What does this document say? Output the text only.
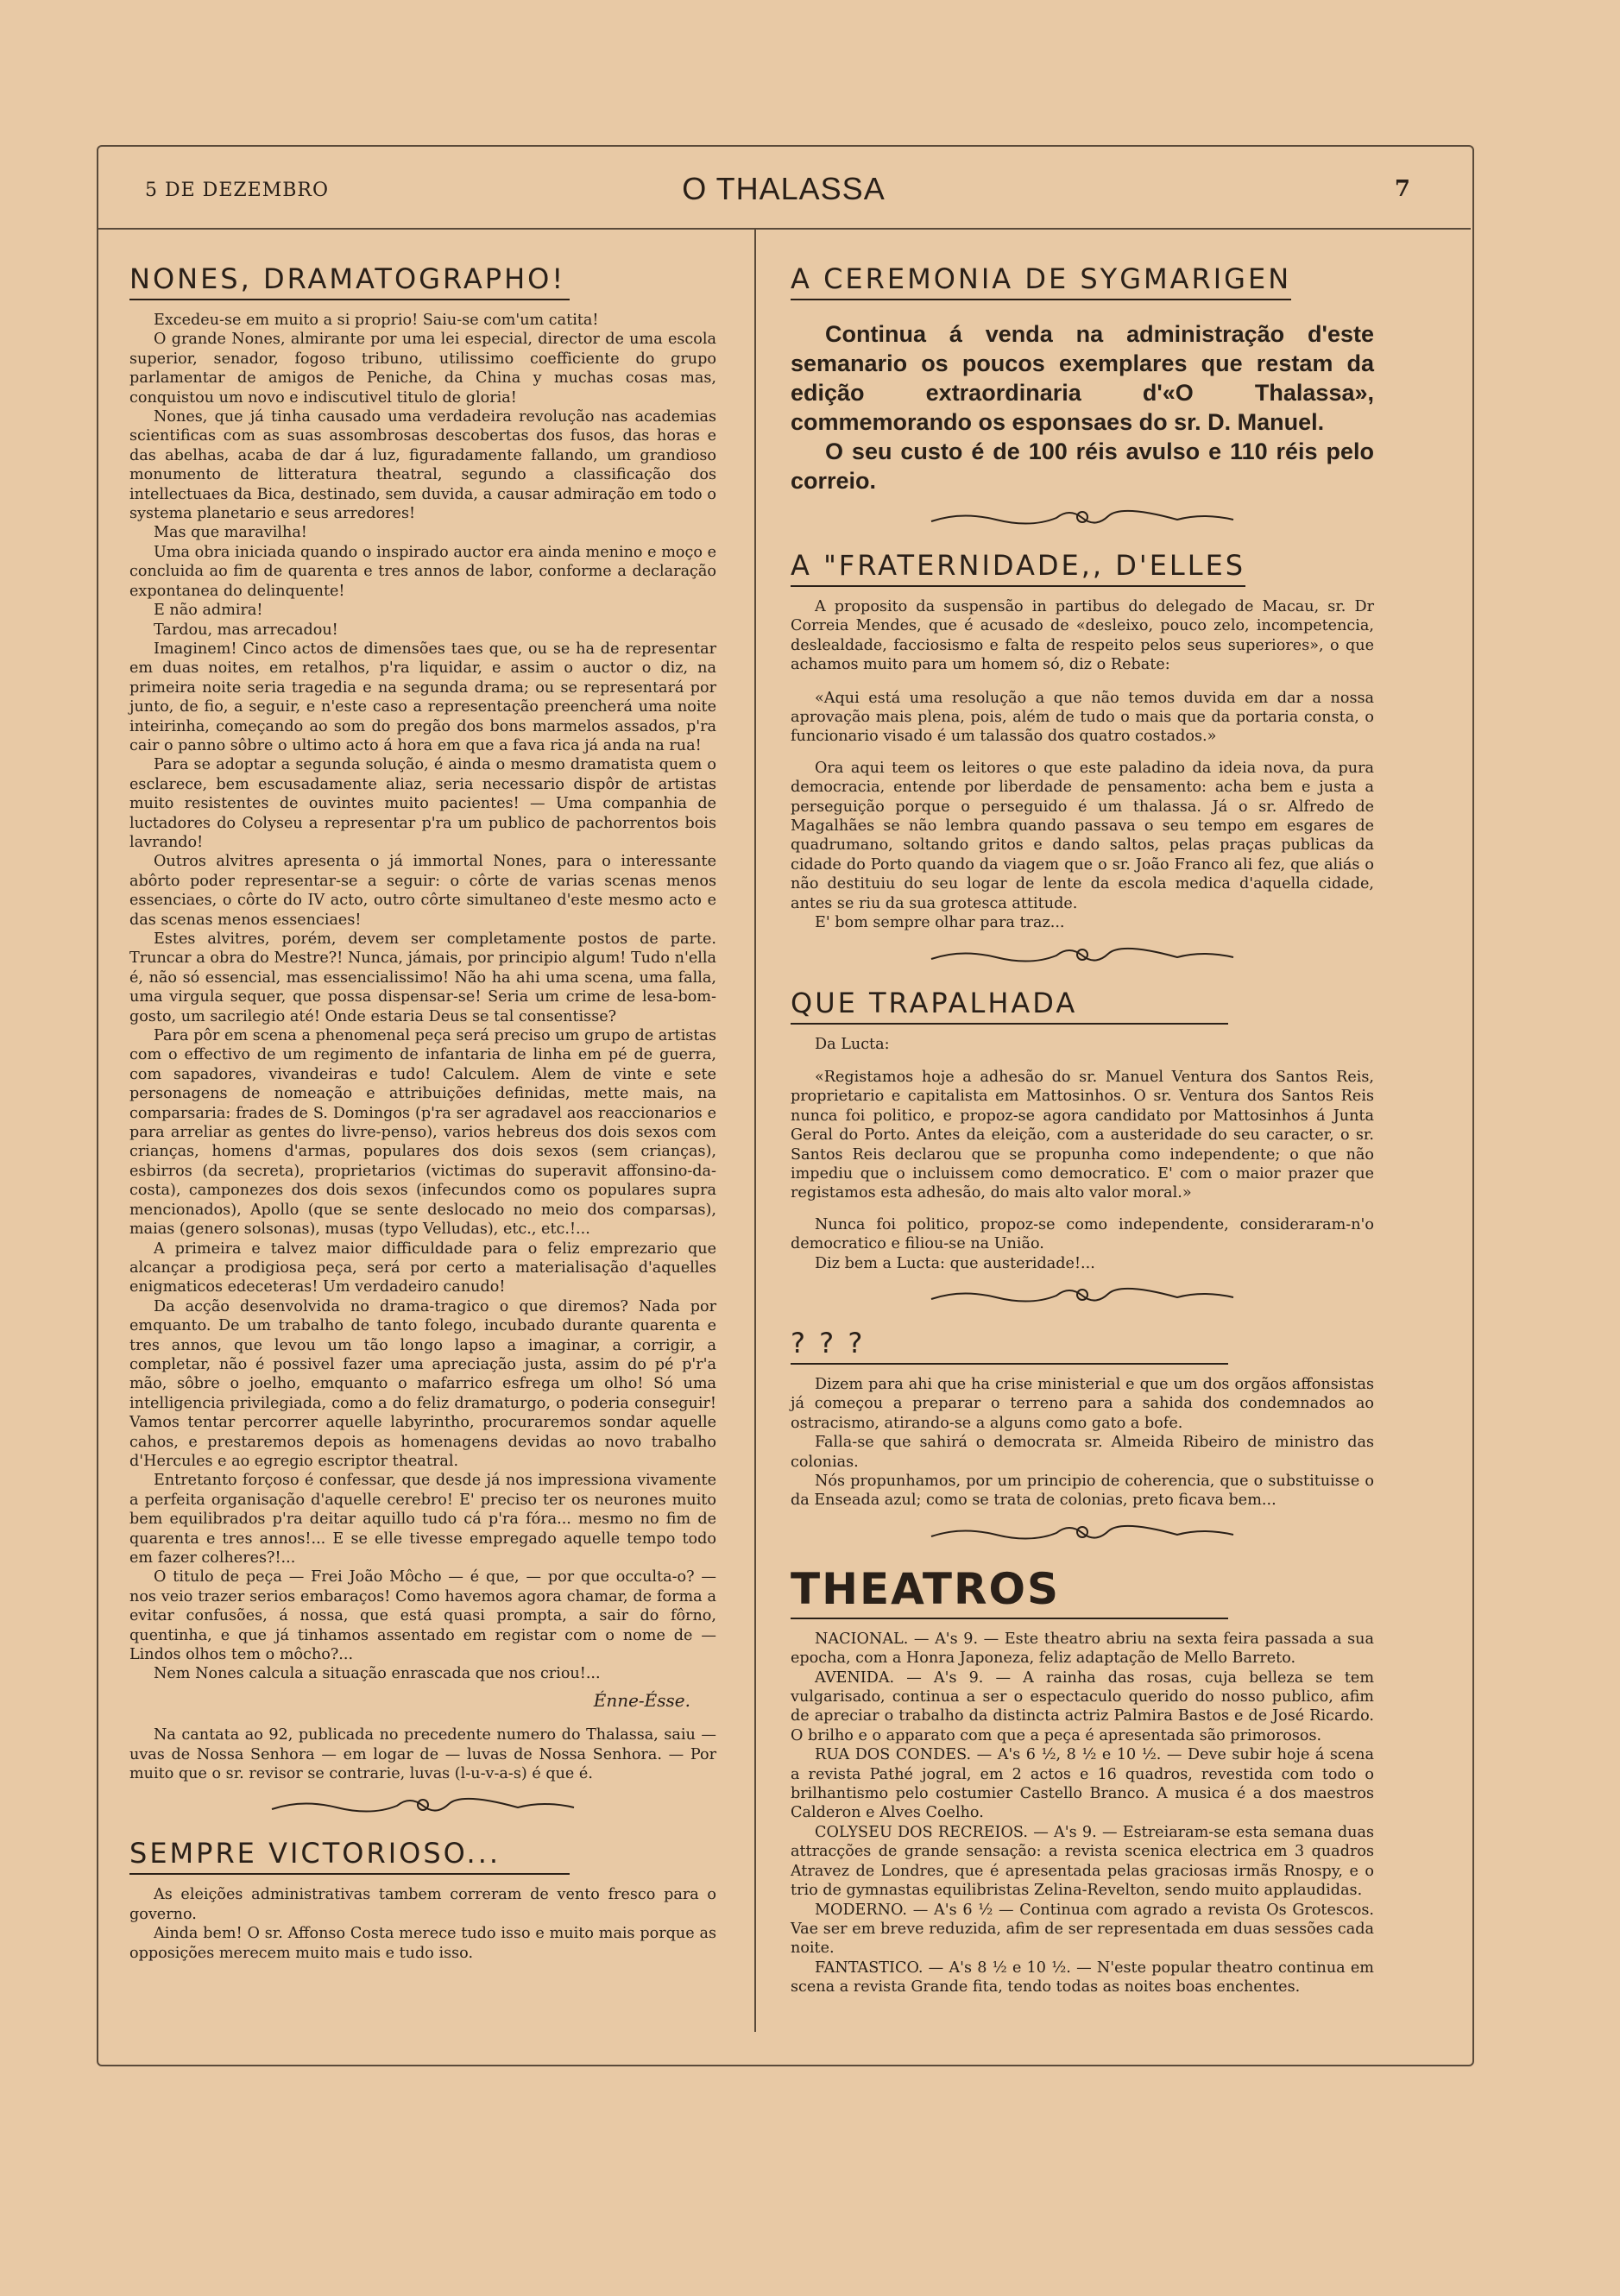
5 DE DEZEMBRO	O THALASSA	7
NONES, DRAMATOGRAPHO!

Excedeu-se em muito a si proprio! Saiu-se com'um catita!

O grande Nones, almirante por uma lei especial, director de uma escola superior, senador, fogoso tribuno, utilissimo coefficiente do grupo parlamentar de amigos de Peniche, da China y muchas cosas mas, conquistou um novo e indiscutivel titulo de gloria!

Nones, que já tinha causado uma verdadeira revolução nas academias scientificas com as suas assombrosas descobertas dos fusos, das horas e das abelhas, acaba de dar á luz, figuradamente fallando, um grandioso monumento de litteratura theatral, segundo a classificação dos intellectuaes da Bica, destinado, sem duvida, a causar admiração em todo o systema planetario e seus arredores!

Mas que maravilha!

Uma obra iniciada quando o inspirado auctor era ainda menino e moço e concluida ao fim de quarenta e tres annos de labor, conforme a declaração expontanea do delinquente!

E não admira!

Tardou, mas arrecadou!

Imaginem! Cinco actos de dimensões taes que, ou se ha de representar em duas noites, em retalhos, p'ra liquidar, e assim o auctor o diz, na primeira noite seria tragedia e na segunda drama; ou se representará por junto, de fio, a seguir, e n'este caso a representação preencherá uma noite inteirinha, começando ao som do pregão dos bons marmelos assados, p'ra cair o panno sôbre o ultimo acto á hora em que a fava rica já anda na rua!

Para se adoptar a segunda solução, é ainda o mesmo dramatista quem o esclarece, bem escusadamente aliaz, seria necessario dispôr de artistas muito resistentes de ouvintes muito pacientes! — Uma companhia de luctadores do Colyseu a representar p'ra um publico de pachorrentos bois lavrando!

Outros alvitres apresenta o já immortal Nones, para o interessante abôrto poder representar-se a seguir: o côrte de varias scenas menos essenciaes, o côrte do IV acto, outro côrte simultaneo d'este mesmo acto e das scenas menos essenciaes!

Estes alvitres, porém, devem ser completamente postos de parte. Truncar a obra do Mestre?! Nunca, jámais, por principio algum! Tudo n'ella é, não só essencial, mas essencialissimo! Não ha ahi uma scena, uma falla, uma virgula sequer, que possa dispensar-se! Seria um crime de lesa-bom-gosto, um sacrilegio até! Onde estaria Deus se tal consentisse?

Para pôr em scena a phenomenal peça será preciso um grupo de artistas com o effectivo de um regimento de infantaria de linha em pé de guerra, com sapadores, vivandeiras e tudo! Calculem. Alem de vinte e sete personagens de nomeação e attribuições definidas, mette mais, na comparsaria: frades de S. Domingos (p'ra ser agradavel aos reaccionarios e para arreliar as gentes do livre-penso), varios hebreus dos dois sexos com crianças, homens d'armas, populares dos dois sexos (sem crianças), esbirros (da secreta), proprietarios (victimas do superavit affonsino-da-costa), camponezes dos dois sexos (infecundos como os populares supra mencionados), Apollo (que se sente deslocado no meio dos comparsas), maias (genero solsonas), musas (typo Velludas), etc., etc.!...

A primeira e talvez maior difficuldade para o feliz emprezario que alcançar a prodigiosa peça, será por certo a materialisação d'aquelles enigmaticos edeceteras! Um verdadeiro canudo!

Da acção desenvolvida no drama-tragico o que diremos? Nada por emquanto. De um trabalho de tanto folego, incubado durante quarenta e tres annos, que levou um tão longo lapso a imaginar, a corrigir, a completar, não é possivel fazer uma apreciação justa, assim do pé p'r'a mão, sôbre o joelho, emquanto o mafarrico esfrega um olho! Só uma intelligencia privilegiada, como a do feliz dramaturgo, o poderia conseguir! Vamos tentar percorrer aquelle labyrintho, procuraremos sondar aquelle cahos, e prestaremos depois as homenagens devidas ao novo trabalho d'Hercules e ao egregio escriptor theatral.

Entretanto forçoso é confessar, que desde já nos impressiona vivamente a perfeita organisação d'aquelle cerebro! E' preciso ter os neurones muito bem equilibrados p'ra deitar aquillo tudo cá p'ra fóra... mesmo no fim de quarenta e tres annos!... E se elle tivesse empregado aquelle tempo todo em fazer colheres?!...

O titulo de peça — Frei João Môcho — é que, — por que occulta-o? — nos veio trazer serios embaraços! Como havemos agora chamar, de forma a evitar confusões, á nossa, que está quasi prompta, a sair do fôrno, quentinha, e que já tinhamos assentado em registar com o nome de — Lindos olhos tem o môcho?...

Nem Nones calcula a situação enrascada que nos criou!...

Énne-Ésse.

Na cantata ao 92, publicada no precedente numero do Thalassa, saiu — uvas de Nossa Senhora — em logar de — luvas de Nossa Senhora. — Por muito que o sr. revisor se contrarie, luvas (l-u-v-a-s) é que é.

SEMPRE VICTORIOSO...

As eleições administrativas tambem correram de vento fresco para o governo.

Ainda bem! O sr. Affonso Costa merece tudo isso e muito mais porque as opposições merecem muito mais e tudo isso.

A CEREMONIA DE SYGMARIGEN
Continua á venda na administração d'este semanario os poucos exemplares que restam da edição extraordinaria d'«O Thalassa», commemorando os esponsaes do sr. D. Manuel.
O seu custo é de 100 réis avulso e 110 réis pelo correio.
A "FRATERNIDADE,, D'ELLES

A proposito da suspensão in partibus do delegado de Macau, sr. Dr Correia Mendes, que é acusado de «desleixo, pouco zelo, incompetencia, deslealdade, facciosismo e falta de respeito pelos seus superiores», o que achamos muito para um homem só, diz o Rebate:

«Aqui está uma resolução a que não temos duvida em dar a nossa aprovação mais plena, pois, além de tudo o mais que da portaria consta, o funcionario visado é um talassão dos quatro costados.»

Ora aqui teem os leitores o que este paladino da ideia nova, da pura democracia, entende por liberdade de pensamento: acha bem e justa a perseguição porque o perseguido é um thalassa. Já o sr. Alfredo de Magalhães se não lembra quando passava o seu tempo em esgares de quadrumano, soltando gritos e dando saltos, pelas praças publicas da cidade do Porto quando da viagem que o sr. João Franco ali fez, que aliás o não destituiu do seu logar de lente da escola medica d'aquella cidade, antes se riu da sua grotesca attitude.

E' bom sempre olhar para traz...

QUE TRAPALHADA

Da Lucta:

«Registamos hoje a adhesão do sr. Manuel Ventura dos Santos Reis, proprietario e capitalista em Mattosinhos. O sr. Ventura dos Santos Reis nunca foi politico, e propoz-se agora candidato por Mattosinhos á Junta Geral do Porto. Antes da eleição, com a austeridade do seu caracter, o sr. Santos Reis declarou que se propunha como independente; o que não impediu que o incluissem como democratico. E' com o maior prazer que registamos esta adhesão, do mais alto valor moral.»

Nunca foi politico, propoz-se como independente, consideraram-n'o democratico e filiou-se na União.

Diz bem a Lucta: que austeridade!...

? ? ?

Dizem para ahi que ha crise ministerial e que um dos orgãos affonsistas já começou a preparar o terreno para a sahida dos condemnados ao ostracismo, atirando-se a alguns como gato a bofe.

Falla-se que sahirá o democrata sr. Almeida Ribeiro de ministro das colonias.

Nós propunhamos, por um principio de coherencia, que o substituisse o da Enseada azul; como se trata de colonias, preto ficava bem...

THEATROS

NACIONAL. — A's 9. — Este theatro abriu na sexta feira passada a sua epocha, com a Honra Japoneza, feliz adaptação de Mello Barreto.

AVENIDA. — A's 9. — A rainha das rosas, cuja belleza se tem vulgarisado, continua a ser o espectaculo querido do nosso publico, afim de apreciar o trabalho da distincta actriz Palmira Bastos e de José Ricardo. O brilho e o apparato com que a peça é apresentada são primorosos.

RUA DOS CONDES. — A's 6 ½, 8 ½ e 10 ½. — Deve subir hoje á scena a revista Pathé jogral, em 2 actos e 16 quadros, revestida com todo o brilhantismo pelo costumier Castello Branco. A musica é a dos maestros Calderon e Alves Coelho.

COLYSEU DOS RECREIOS. — A's 9. — Estreiaram-se esta semana duas attracções de grande sensação: a revista scenica electrica em 3 quadros Atravez de Londres, que é apresentada pelas graciosas irmãs Rnospy, e o trio de gymnastas equilibristas Zelina-Revelton, sendo muito applaudidas.

MODERNO. — A's 6 ½ — Continua com agrado a revista Os Grotescos. Vae ser em breve reduzida, afim de ser representada em duas sessões cada noite.

FANTASTICO. — A's 8 ½ e 10 ½. — N'este popular theatro continua em scena a revista Grande fita, tendo todas as noites boas enchentes.
